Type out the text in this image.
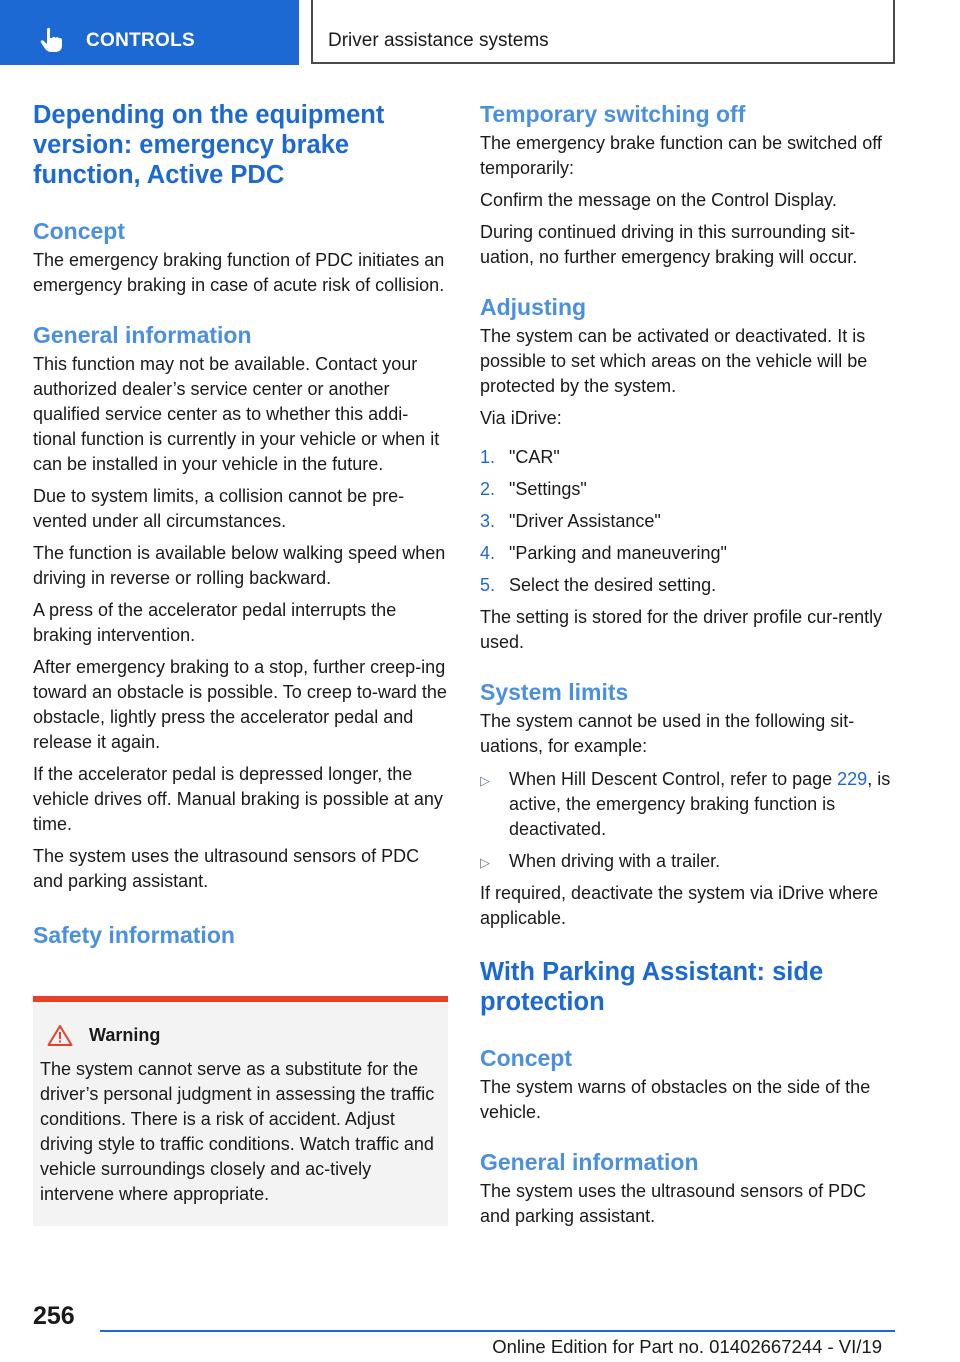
CONTROLS	Driver assistance systems
Depending on the equipment version: emergency brake function, Active PDC
Concept

The emergency braking function of PDC initiates an emergency braking in case of acute risk of collision.

General information

This function may not be available. Contact your authorized dealer’s service center or another qualified service center as to whether this addi-tional function is currently in your vehicle or when it can be installed in your vehicle in the future.

Due to system limits, a collision cannot be pre-vented under all circumstances.

The function is available below walking speed when driving in reverse or rolling backward.

A press of the accelerator pedal interrupts the braking intervention.

After emergency braking to a stop, further creep-ing toward an obstacle is possible. To creep to-ward the obstacle, lightly press the accelerator pedal and release it again.

If the accelerator pedal is depressed longer, the vehicle drives off. Manual braking is possible at any time.

The system uses the ultrasound sensors of PDC and parking assistant.

Safety information
Warning

The system cannot serve as a substitute for the driver’s personal judgment in assessing the traffic conditions. There is a risk of accident. Adjust driving style to traffic conditions. Watch traffic and vehicle surroundings closely and ac-tively intervene where appropriate.

Temporary switching off

The emergency brake function can be switched off temporarily:

Confirm the message on the Control Display.

During continued driving in this surrounding sit-uation, no further emergency braking will occur.

Adjusting

The system can be activated or deactivated. It is possible to set which areas on the vehicle will be protected by the system.

Via iDrive:

1. "CAR"
2. "Settings"
3. "Driver Assistance"
4. "Parking and maneuvering"
5. Select the desired setting.

The setting is stored for the driver profile cur-rently used.

System limits

The system cannot be used in the following sit-uations, for example:

▷ When Hill Descent Control, refer to page 229, is active, the emergency braking function is deactivated.
▷ When driving with a trailer.

If required, deactivate the system via iDrive where applicable.

With Parking Assistant: side protection
Concept

The system warns of obstacles on the side of the vehicle.

General information

The system uses the ultrasound sensors of PDC and parking assistant.

256
Online Edition for Part no. 01402667244 - VI/19
